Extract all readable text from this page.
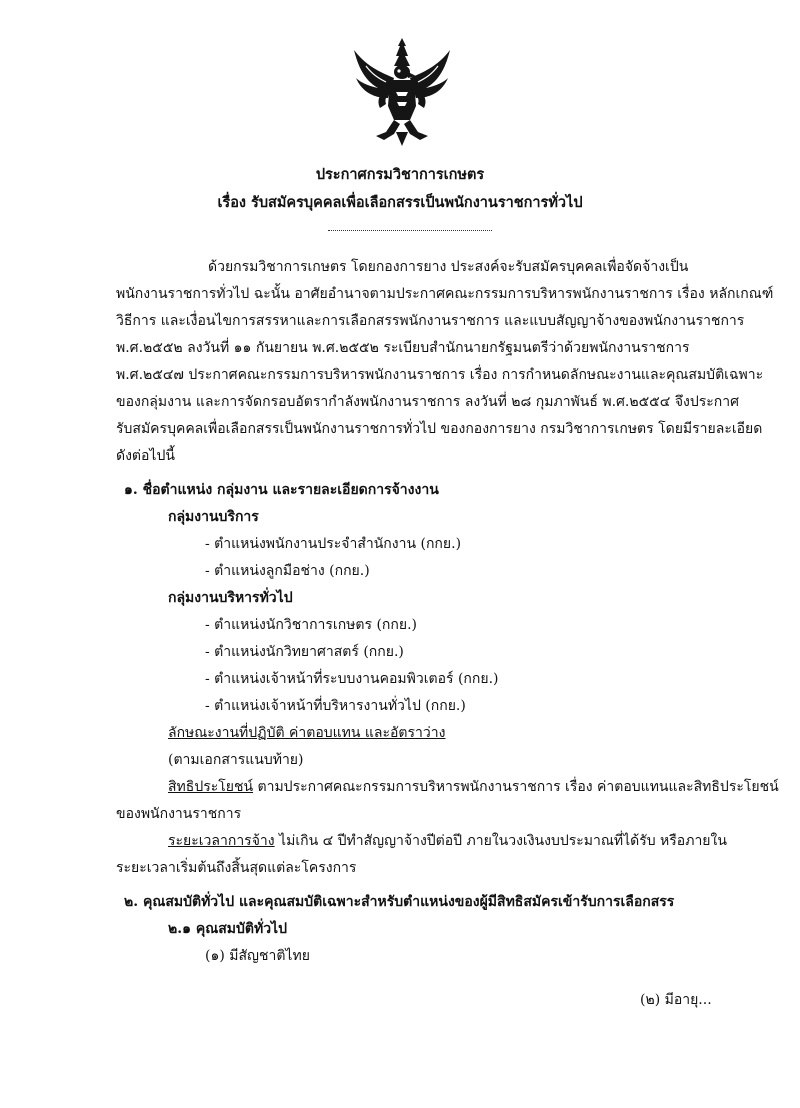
ประกาศกรมวิชาการเกษตร
เรื่อง รับสมัครบุคคลเพื่อเลือกสรรเป็นพนักงานราชการทั่วไป
ด้วยกรมวิชาการเกษตร โดยกองการยาง ประสงค์จะรับสมัครบุคคลเพื่อจัดจ้างเป็น
พนักงานราชการทั่วไป ฉะนั้น อาศัยอำนาจตามประกาศคณะกรรมการบริหารพนักงานราชการ เรื่อง หลักเกณฑ์
วิธีการ และเงื่อนไขการสรรหาและการเลือกสรรพนักงานราชการ และแบบสัญญาจ้างของพนักงานราชการ
พ.ศ.๒๕๕๒ ลงวันที่ ๑๑ กันยายน พ.ศ.๒๕๕๒ ระเบียบสำนักนายกรัฐมนตรีว่าด้วยพนักงานราชการ
พ.ศ.๒๕๔๗ ประกาศคณะกรรมการบริหารพนักงานราชการ เรื่อง การกำหนดลักษณะงานและคุณสมบัติเฉพาะ
ของกลุ่มงาน และการจัดกรอบอัตรากำลังพนักงานราชการ ลงวันที่ ๒๘ กุมภาพันธ์ พ.ศ.๒๕๕๔ จึงประกาศ
รับสมัครบุคคลเพื่อเลือกสรรเป็นพนักงานราชการทั่วไป ของกองการยาง กรมวิชาการเกษตร โดยมีรายละเอียด
ดังต่อไปนี้
๑. ชื่อตำแหน่ง กลุ่มงาน และรายละเอียดการจ้างงาน
กลุ่มงานบริการ
- ตำแหน่งพนักงานประจำสำนักงาน (กกย.)
- ตำแหน่งลูกมือช่าง (กกย.)
กลุ่มงานบริหารทั่วไป
- ตำแหน่งนักวิชาการเกษตร (กกย.)
- ตำแหน่งนักวิทยาศาสตร์ (กกย.)
- ตำแหน่งเจ้าหน้าที่ระบบงานคอมพิวเตอร์ (กกย.)
- ตำแหน่งเจ้าหน้าที่บริหารงานทั่วไป (กกย.)
ลักษณะงานที่ปฏิบัติ ค่าตอบแทน และอัตราว่าง
(ตามเอกสารแนบท้าย)
สิทธิประโยชน์ ตามประกาศคณะกรรมการบริหารพนักงานราชการ เรื่อง ค่าตอบแทนและสิทธิประโยชน์
ของพนักงานราชการ
ระยะเวลาการจ้าง ไม่เกิน ๔ ปีทำสัญญาจ้างปีต่อปี ภายในวงเงินงบประมาณที่ได้รับ หรือภายใน
ระยะเวลาเริ่มต้นถึงสิ้นสุดแต่ละโครงการ
๒. คุณสมบัติทั่วไป และคุณสมบัติเฉพาะสำหรับตำแหน่งของผู้มีสิทธิสมัครเข้ารับการเลือกสรร
๒.๑ คุณสมบัติทั่วไป
(๑) มีสัญชาติไทย
(๒) มีอายุ...
